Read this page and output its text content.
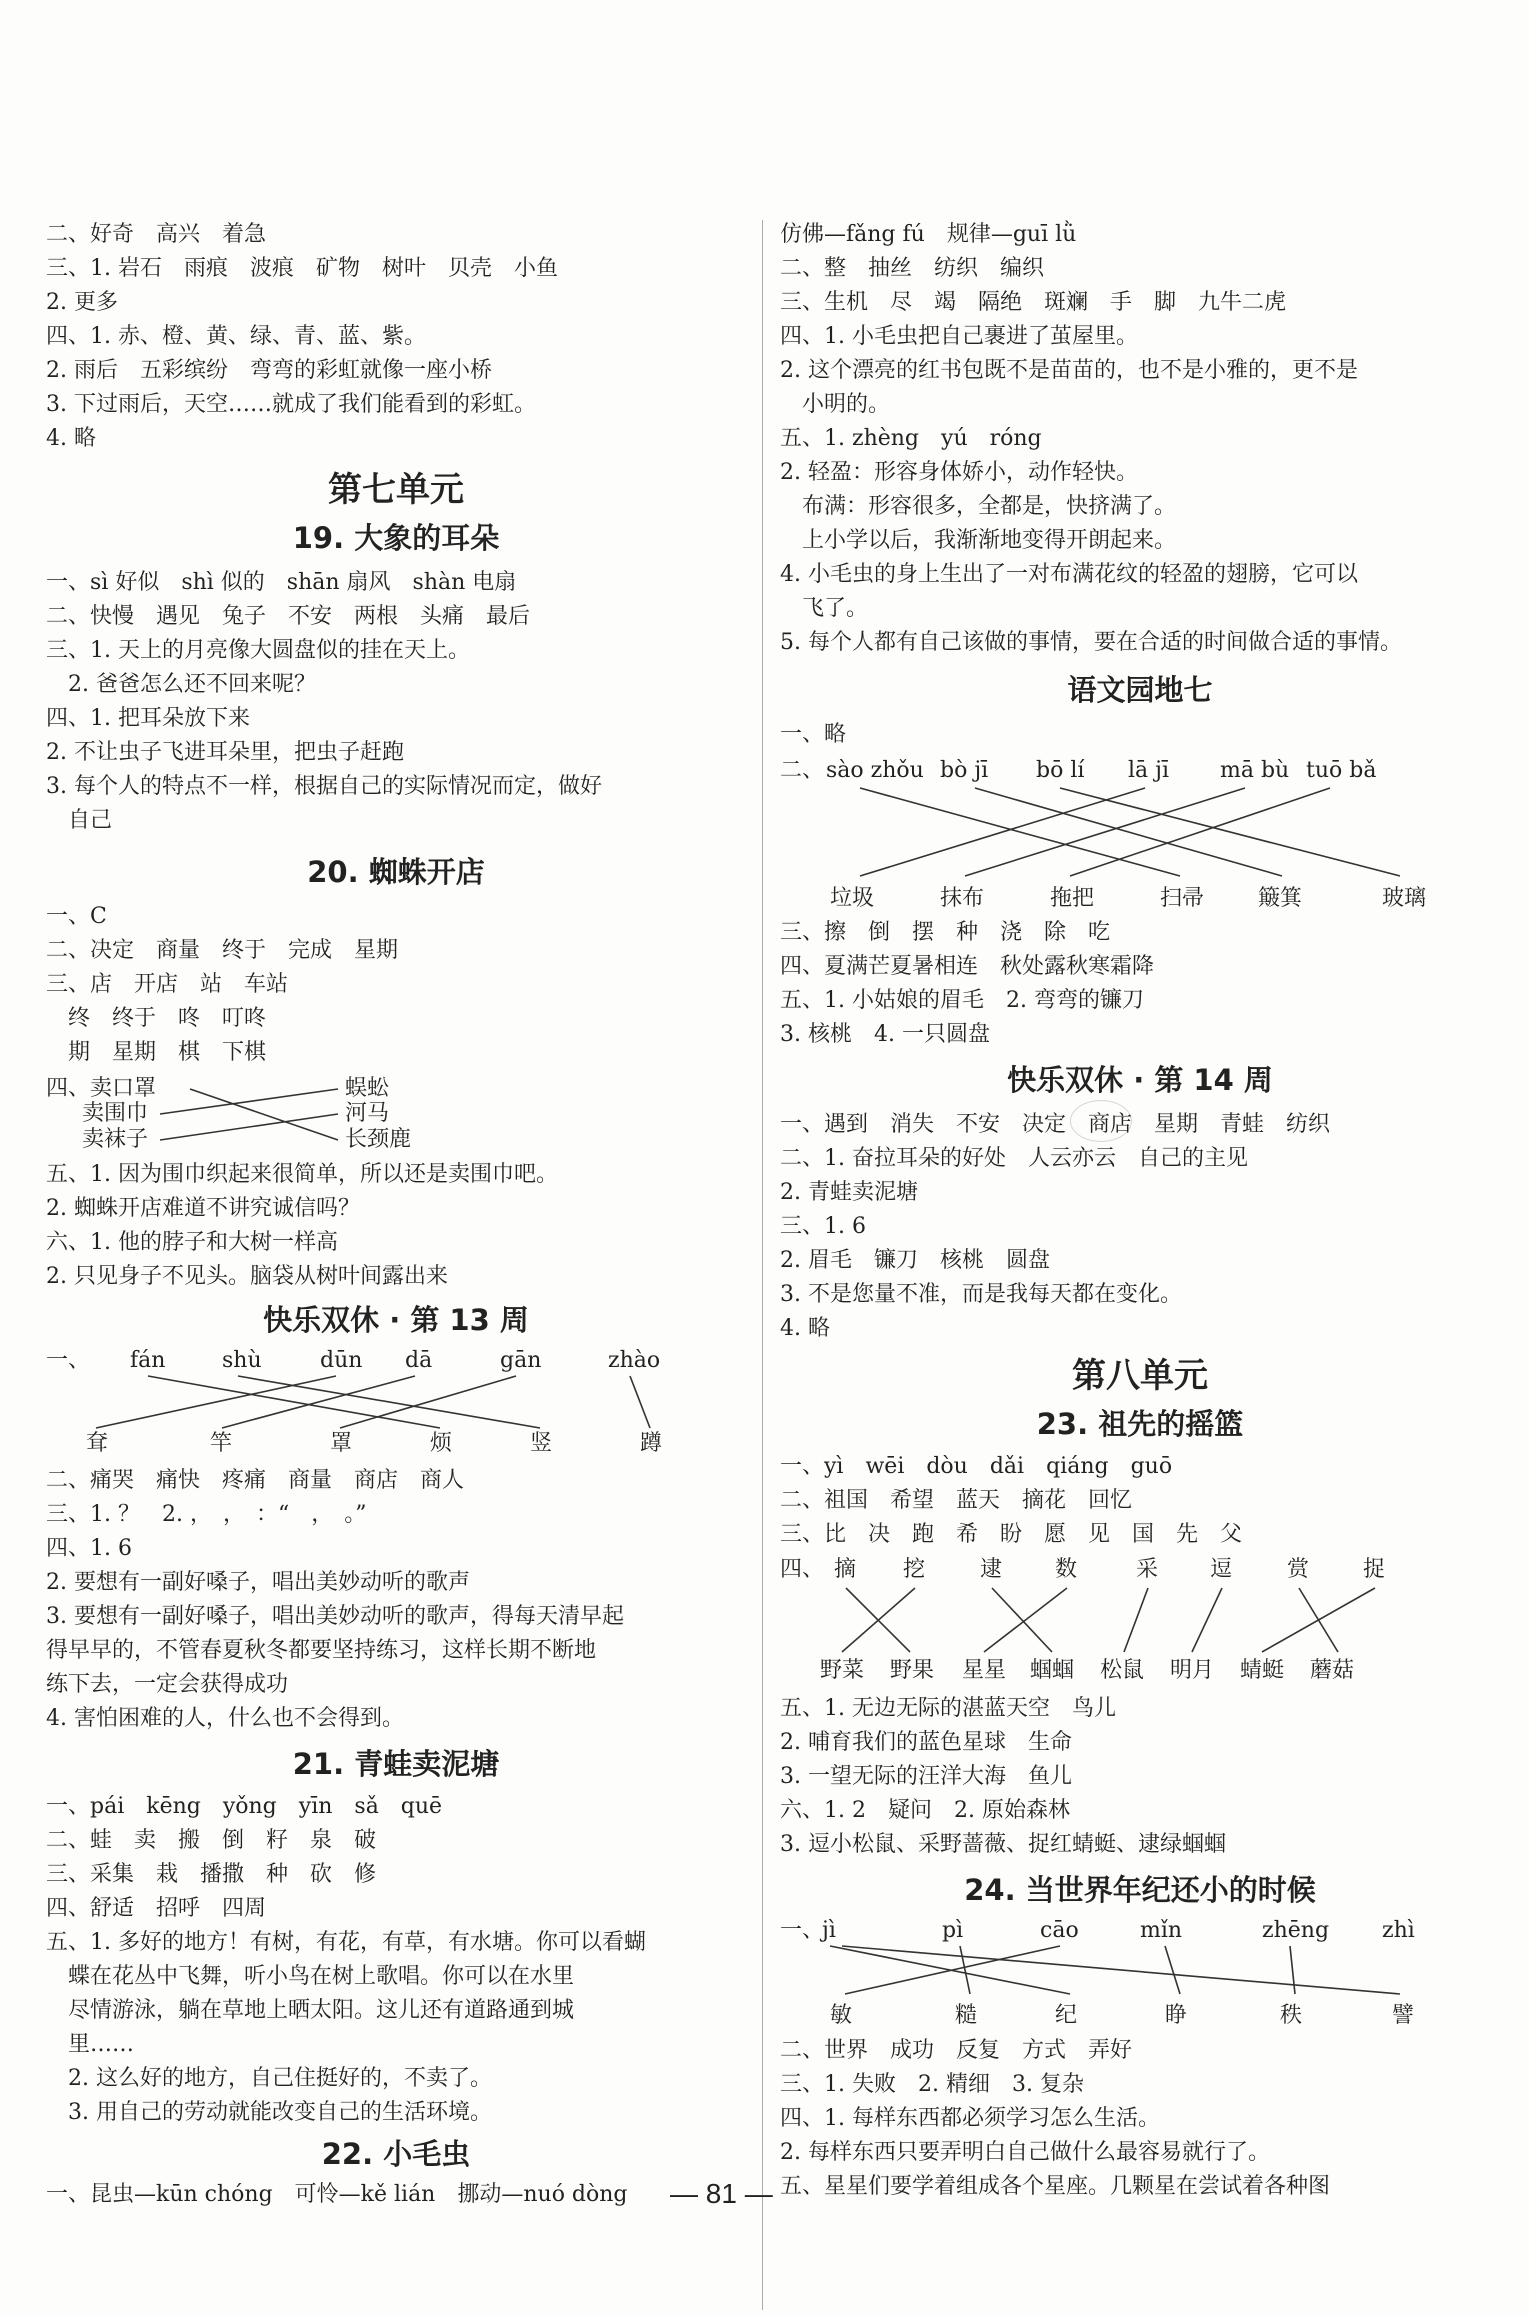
二、好奇　高兴　着急
三、1. 岩石　雨痕　波痕　矿物　树叶　贝壳　小鱼
2. 更多
四、1. 赤、橙、黄、绿、青、蓝、紫。
2. 雨后　五彩缤纷　弯弯的彩虹就像一座小桥
3. 下过雨后，天空……就成了我们能看到的彩虹。
4. 略
第七单元
19. 大象的耳朵
一、sì 好似　shì 似的　shān 扇风　shàn 电扇
二、快慢　遇见　兔子　不安　两根　头痛　最后
三、1. 天上的月亮像大圆盘似的挂在天上。
　2. 爸爸怎么还不回来呢？
四、1. 把耳朵放下来
2. 不让虫子飞进耳朵里，把虫子赶跑
3. 每个人的特点不一样，根据自己的实际情况而定，做好
　自己
20. 蜘蛛开店
一、C
二、决定　商量　终于　完成　星期
三、店　开店　站　车站
　终　终于　咚　叮咚
　期　星期　棋　下棋
四、卖口罩
卖围巾
卖袜子
蜈蚣
河马
长颈鹿
五、1. 因为围巾织起来很简单，所以还是卖围巾吧。
2. 蜘蛛开店难道不讲究诚信吗？
六、1. 他的脖子和大树一样高
2. 只见身子不见头。脑袋从树叶间露出来
快乐双休 · 第 13 周
一、 fán	shù	dūn dā	gān	zhào
耷	竿	罩	烦	竖	蹲
二、痛哭　痛快　疼痛　商量　商店　商人
三、1. ？　2. ，　，　：“　，　。”
四、1. 6
2. 要想有一副好嗓子，唱出美妙动听的歌声
3. 要想有一副好嗓子，唱出美妙动听的歌声，得每天清早起
得早早的，不管春夏秋冬都要坚持练习，这样长期不断地
练下去，一定会获得成功
4. 害怕困难的人，什么也不会得到。
21. 青蛙卖泥塘
一、pái　kēng　yǒng　yīn　sǎ　quē
二、蛙　卖　搬　倒　籽　泉　破
三、采集　栽　播撒　种　砍　修
四、舒适　招呼　四周
五、1. 多好的地方！有树，有花，有草，有水塘。你可以看蝴
　蝶在花丛中飞舞，听小鸟在树上歌唱。你可以在水里
　尽情游泳，躺在草地上晒太阳。这儿还有道路通到城
　里……
　2. 这么好的地方，自己住挺好的，不卖了。
　3. 用自己的劳动就能改变自己的生活环境。
22. 小毛虫
一、昆虫—kūn chóng　可怜—kě lián　挪动—nuó dòng
仿佛—fǎng fú　规律—guī lǜ
二、整　抽丝　纺织　编织
三、生机　尽　竭　隔绝　斑斓　手　脚　九牛二虎
四、1. 小毛虫把自己裹进了茧屋里。
2. 这个漂亮的红书包既不是苗苗的，也不是小雅的，更不是
　小明的。
五、1. zhèng　yú　róng
2. 轻盈：形容身体娇小，动作轻快。
　布满：形容很多，全都是，快挤满了。
　上小学以后，我渐渐地变得开朗起来。
4. 小毛虫的身上生出了一对布满花纹的轻盈的翅膀，它可以
　飞了。
5. 每个人都有自己该做的事情，要在合适的时间做合适的事情。
语文园地七
一、略
二、 sào zhǒu bò jī bō lí lā jī mā bù tuō bǎ
垃圾	抹布	拖把	扫帚 簸箕	玻璃
三、擦　倒　摆　种　浇　除　吃
四、夏满芒夏暑相连　秋处露秋寒霜降
五、1. 小姑娘的眉毛　2. 弯弯的镰刀
3. 核桃　4. 一只圆盘
快乐双休 · 第 14 周
一、遇到　消失　不安　决定　商店　星期　青蛙　纺织
二、1. 奋拉耳朵的好处　人云亦云　自己的主见
2. 青蛙卖泥塘
三、1. 6
2. 眉毛　镰刀　核桃　圆盘
3. 不是您量不准，而是我每天都在变化。
4. 略
第八单元
23. 祖先的摇篮
一、yì　wēi　dòu　dǎi　qiáng　guō
二、祖国　希望　蓝天　摘花　回忆
三、比　决　跑　希　盼　愿　见　国　先　父
四、 摘 挖 逮 数	采 逗 赏 捉
野菜 野果 星星 蝈蝈 松鼠 明月 蜻蜓 蘑菇
五、1. 无边无际的湛蓝天空　鸟儿
2. 哺育我们的蓝色星球　生命
3. 一望无际的汪洋大海　鱼儿
六、1. 2　疑问　2. 原始森林
3. 逗小松鼠、采野蔷薇、捉红蜻蜓、逮绿蝈蝈
24. 当世界年纪还小的时候
一、
jì	pì	cāo	mǐn	zhēng zhì
敏	糙	纪	睁	秩	譬
二、世界　成功　反复　方式　弄好
三、1. 失败　2. 精细　3. 复杂
四、1. 每样东西都必须学习怎么生活。
2. 每样东西只要弄明白自己做什么最容易就行了。
五、星星们要学着组成各个星座。几颗星在尝试着各种图
— 81 —
